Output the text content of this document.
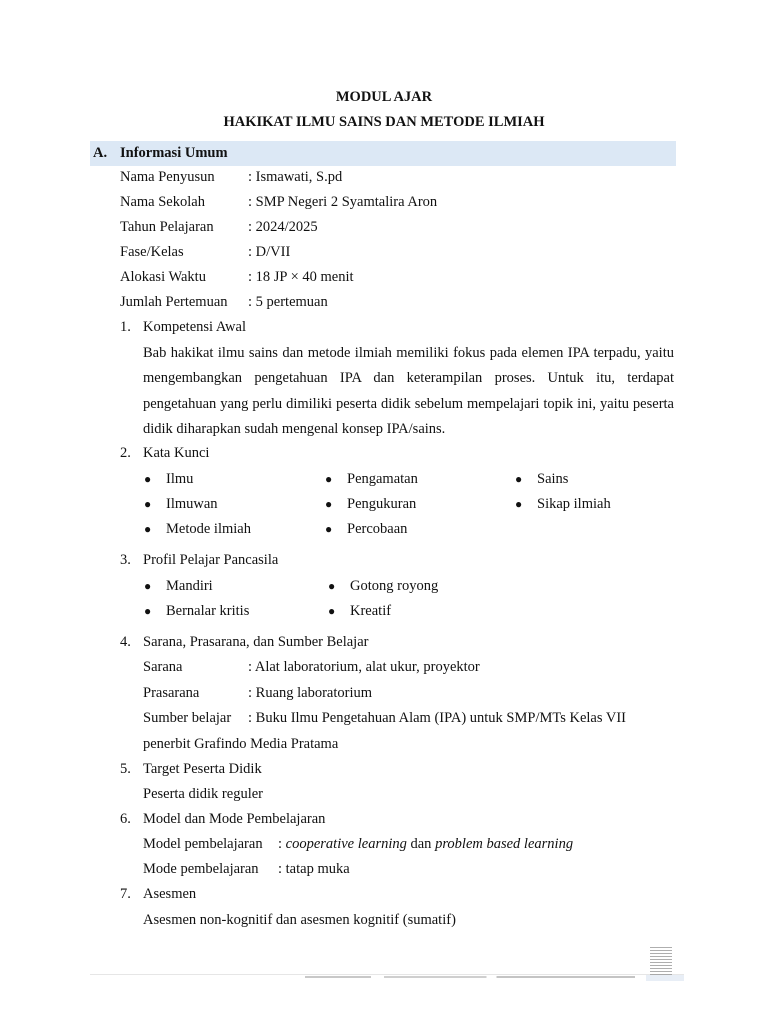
MODUL AJAR
HAKIKAT ILMU SAINS DAN METODE ILMIAH
A. Informasi Umum
Nama Penyusun : Ismawati, S.pd
Nama Sekolah	: SMP Negeri 2 Syamtalira Aron
Tahun Pelajaran : 2024/2025
Fase/Kelas	: D/VII
Alokasi Waktu	: 18 JP × 40 menit
Jumlah Pertemuan : 5 pertemuan
1. Kompetensi Awal
Bab hakikat ilmu sains dan metode ilmiah memiliki fokus pada elemen IPA terpadu, yaitu mengembangkan pengetahuan IPA dan keterampilan proses. Untuk itu, terdapat pengetahuan yang perlu dimiliki peserta didik sebelum mempelajari topik ini, yaitu peserta didik diharapkan sudah mengenal konsep IPA/sains.
2. Kata Kunci
● Ilmu
● Ilmuwan
● Metode ilmiah
● Pengamatan
● Pengukuran
● Percobaan
● Sains
● Sikap ilmiah
3. Profil Pelajar Pancasila
● Mandiri
● Bernalar kritis
● Gotong royong
● Kreatif
4. Sarana, Prasarana, dan Sumber Belajar
Sarana	: Alat laboratorium, alat ukur, proyektor
Prasarana	: Ruang laboratorium
Sumber belajar : Buku Ilmu Pengetahuan Alam (IPA) untuk SMP/MTs Kelas VII
penerbit Grafindo Media Pratama
5. Target Peserta Didik
Peserta didik reguler
6. Model dan Mode Pembelajaran
Model pembelajaran : cooperative learning dan problem based learning
Mode pembelajaran : tatap muka
7. Asesmen
Asesmen non-kognitif dan asesmen kognitif (sumatif)
